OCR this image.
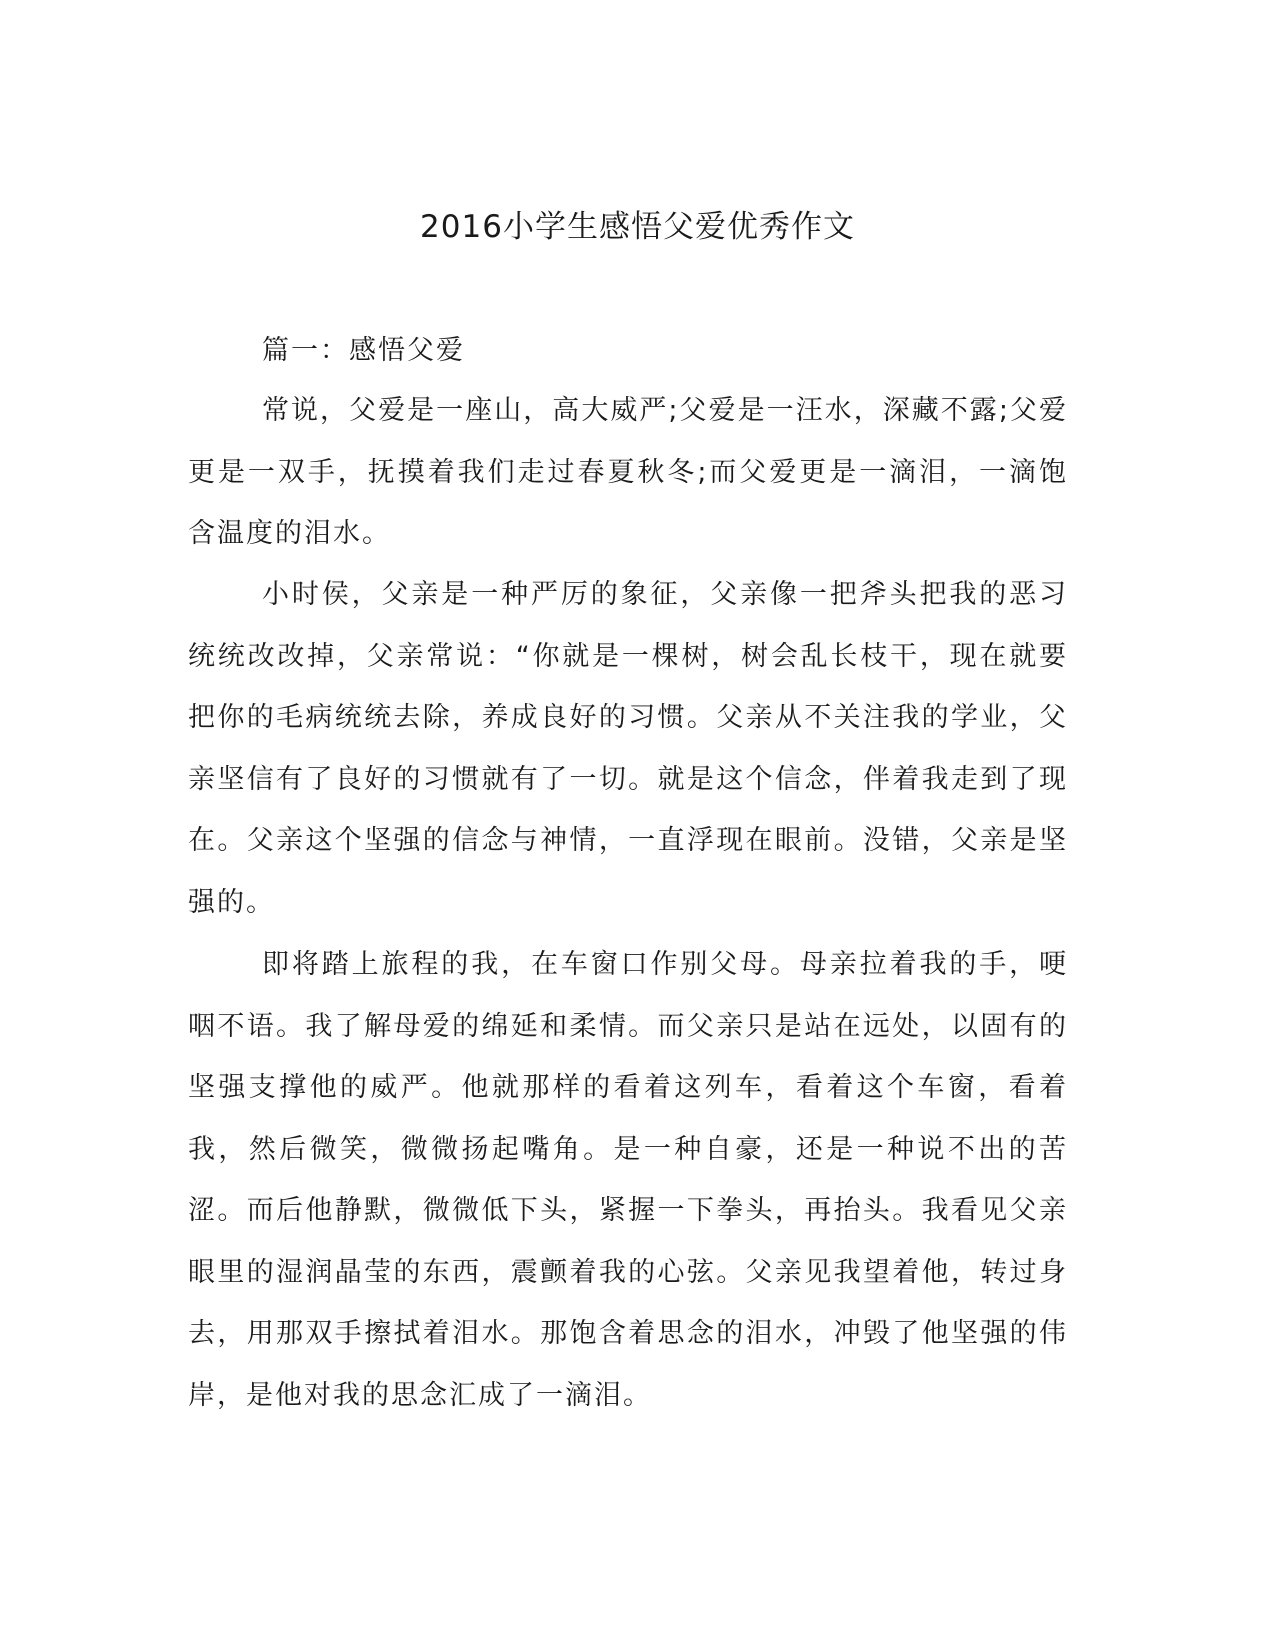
2016小学生感悟父爱优秀作文
篇一：感悟父爱

常说，父爱是一座山，高大威严;父爱是一汪水，深藏不露;父爱更是一双手，抚摸着我们走过春夏秋冬;而父爱更是一滴泪，一滴饱含温度的泪水。

小时侯，父亲是一种严厉的象征，父亲像一把斧头把我的恶习统统改改掉，父亲常说：“你就是一棵树，树会乱长枝干，现在就要把你的毛病统统去除，养成良好的习惯。父亲从不关注我的学业，父亲坚信有了良好的习惯就有了一切。就是这个信念，伴着我走到了现在。父亲这个坚强的信念与神情，一直浮现在眼前。没错，父亲是坚强的。

即将踏上旅程的我，在车窗口作别父母。母亲拉着我的手，哽咽不语。我了解母爱的绵延和柔情。而父亲只是站在远处，以固有的坚强支撑他的威严。他就那样的看着这列车，看着这个车窗，看着我，然后微笑，微微扬起嘴角。是一种自豪，还是一种说不出的苦涩。而后他静默，微微低下头，紧握一下拳头，再抬头。我看见父亲眼里的湿润晶莹的东西，震颤着我的心弦。父亲见我望着他，转过身去，用那双手擦拭着泪水。那饱含着思念的泪水，冲毁了他坚强的伟岸，是他对我的思念汇成了一滴泪。
